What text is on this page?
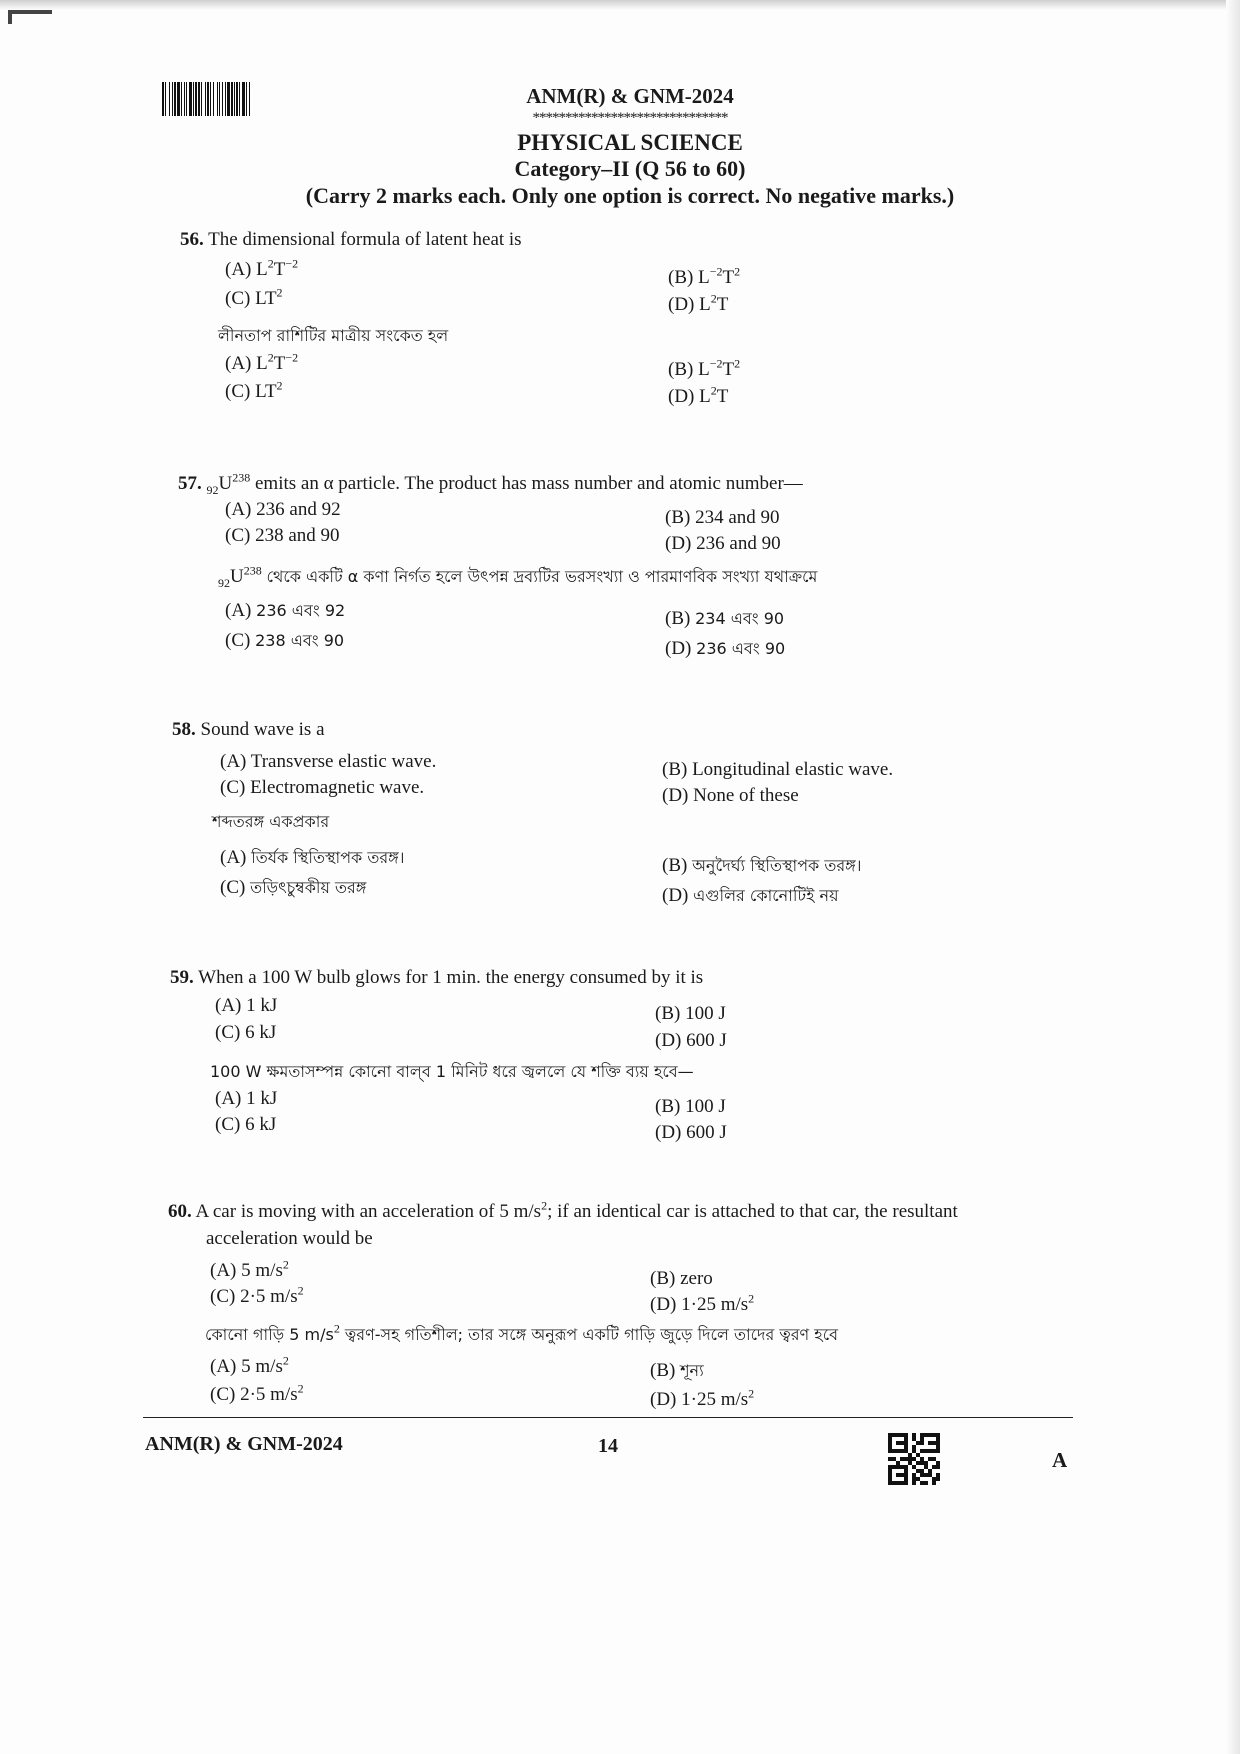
ANM(R) & GNM-2024
******************************
PHYSICAL SCIENCE
Category–II (Q 56 to 60)
(Carry 2 marks each. Only one option is correct. No negative marks.)
56. The dimensional formula of latent heat is
(A) $L^2T^{-2}$
(B) $L^{-2}T^2$
(C) $LT^2$
(D) $L^2T$
লীনতাপ রাশিটির মাত্রীয় সংকেত হল
(A) $L^2T^{-2}$
(B) $L^{-2}T^2$
(C) $LT^2$
(D) $L^2T$
57. $_{92}U^{238}$ emits an α particle. The product has mass number and atomic number—
(A) 236 and 92	(B) 234 and 90
(C) 238 and 90	(D) 236 and 90
$_{92}U^{238}$ থেকে একটি α কণা নির্গত হলে উৎপন্ন দ্রব্যটির ভরসংখ্যা ও পারমাণবিক সংখ্যা যথাক্রমে
(A) 236 এবং 92	(B) 234 এবং 90
(C) 238 এবং 90	(D) 236 এবং 90
58. Sound wave is a
(A) Transverse elastic wave.	(B) Longitudinal elastic wave.
(C) Electromagnetic wave.	(D) None of these
শব্দতরঙ্গ একপ্রকার
(A) তির্যক স্থিতিস্থাপক তরঙ্গ।	(B) অনুদৈর্ঘ্য স্থিতিস্থাপক তরঙ্গ।
(C) তড়িৎচুম্বকীয় তরঙ্গ	(D) এগুলির কোনোটিই নয়
59. When a 100 W bulb glows for 1 min. the energy consumed by it is
(A) 1 kJ	(B) 100 J
(C) 6 kJ	(D) 600 J
100 W ক্ষমতাসম্পন্ন কোনো বাল্‌ব 1 মিনিট ধরে জ্বললে যে শক্তি ব্যয় হবে—
(A) 1 kJ	(B) 100 J
(C) 6 kJ	(D) 600 J
60. A car is moving with an acceleration of 5 $m/s^2$; if an identical car is attached to that car, the resultant
acceleration would be
(A) 5 $m/s^2$
(B) zero
(C) 2·5 $m/s^2$
(D) 1·25 $m/s^2$
কোনো গাড়ি 5 $m/s^2$ ত্বরণ-সহ গতিশীল; তার সঙ্গে অনুরূপ একটি গাড়ি জুড়ে দিলে তাদের ত্বরণ হবে
(A) 5 $m/s^2$	(B) শূন্য
(C) 2·5 $m/s^2$
(D) 1·25 $m/s^2$
ANM(R) & GNM-2024	14
A
